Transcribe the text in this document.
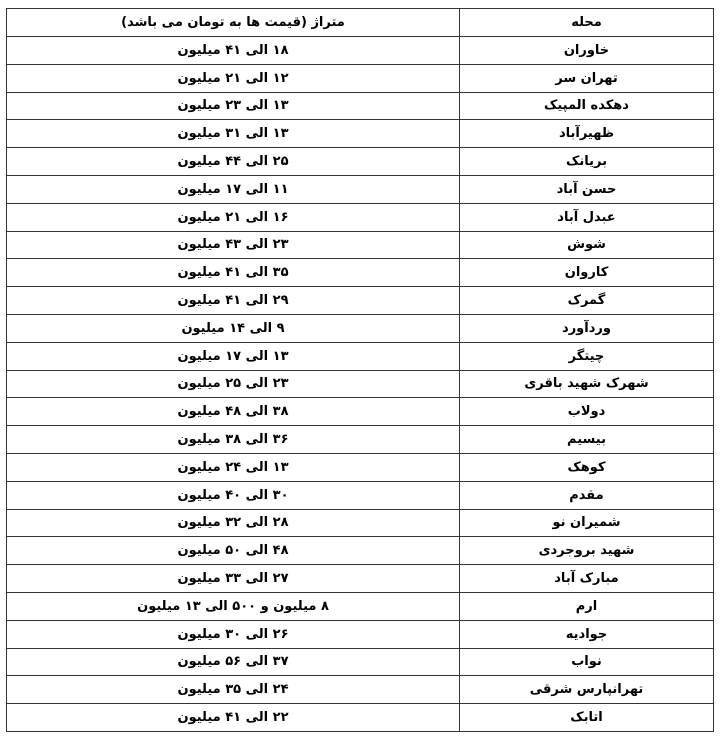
محله	متراژ (قیمت ها به تومان می باشد)
خاوران	۱۸ الی ۴۱ میلیون
تهران سر	۱۲ الی ۲۱ میلیون
دهکده المپیک	۱۳ الی ۲۳ میلیون
ظهیرآباد	۱۳ الی ۳۱ میلیون
بریانک	۲۵ الی ۴۴ میلیون
حسن آباد	۱۱ الی ۱۷ میلیون
عبدل آباد	۱۶ الی ۲۱ میلیون
شوش	۲۳ الی ۴۳ میلیون
کاروان	۳۵ الی ۴۱ میلیون
گمرک	۲۹ الی ۴۱ میلیون
وردآورد	۹ الی ۱۴ میلیون
چیتگر	۱۳ الی ۱۷ میلیون
شهرک شهید باقری	۲۳ الی ۲۵ میلیون
دولاب	۳۸ الی ۴۸ میلیون
بیسیم	۳۶ الی ۳۸ میلیون
کوهک	۱۳ الی ۲۴ میلیون
مقدم	۳۰ الی ۴۰ میلیون
شمیران نو	۲۸ الی ۳۲ میلیون
شهید بروجردی	۴۸ الی ۵۰ میلیون
مبارک آباد	۲۷ الی ۳۳ میلیون
ارم	۸ میلیون و ۵۰۰ الی ۱۳ میلیون
جوادیه	۲۶ الی ۳۰ میلیون
نواب	۳۷ الی ۵۶ میلیون
تهرانپارس شرقی	۲۴ الی ۳۵ میلیون
اتابک	۲۲ الی ۴۱ میلیون
